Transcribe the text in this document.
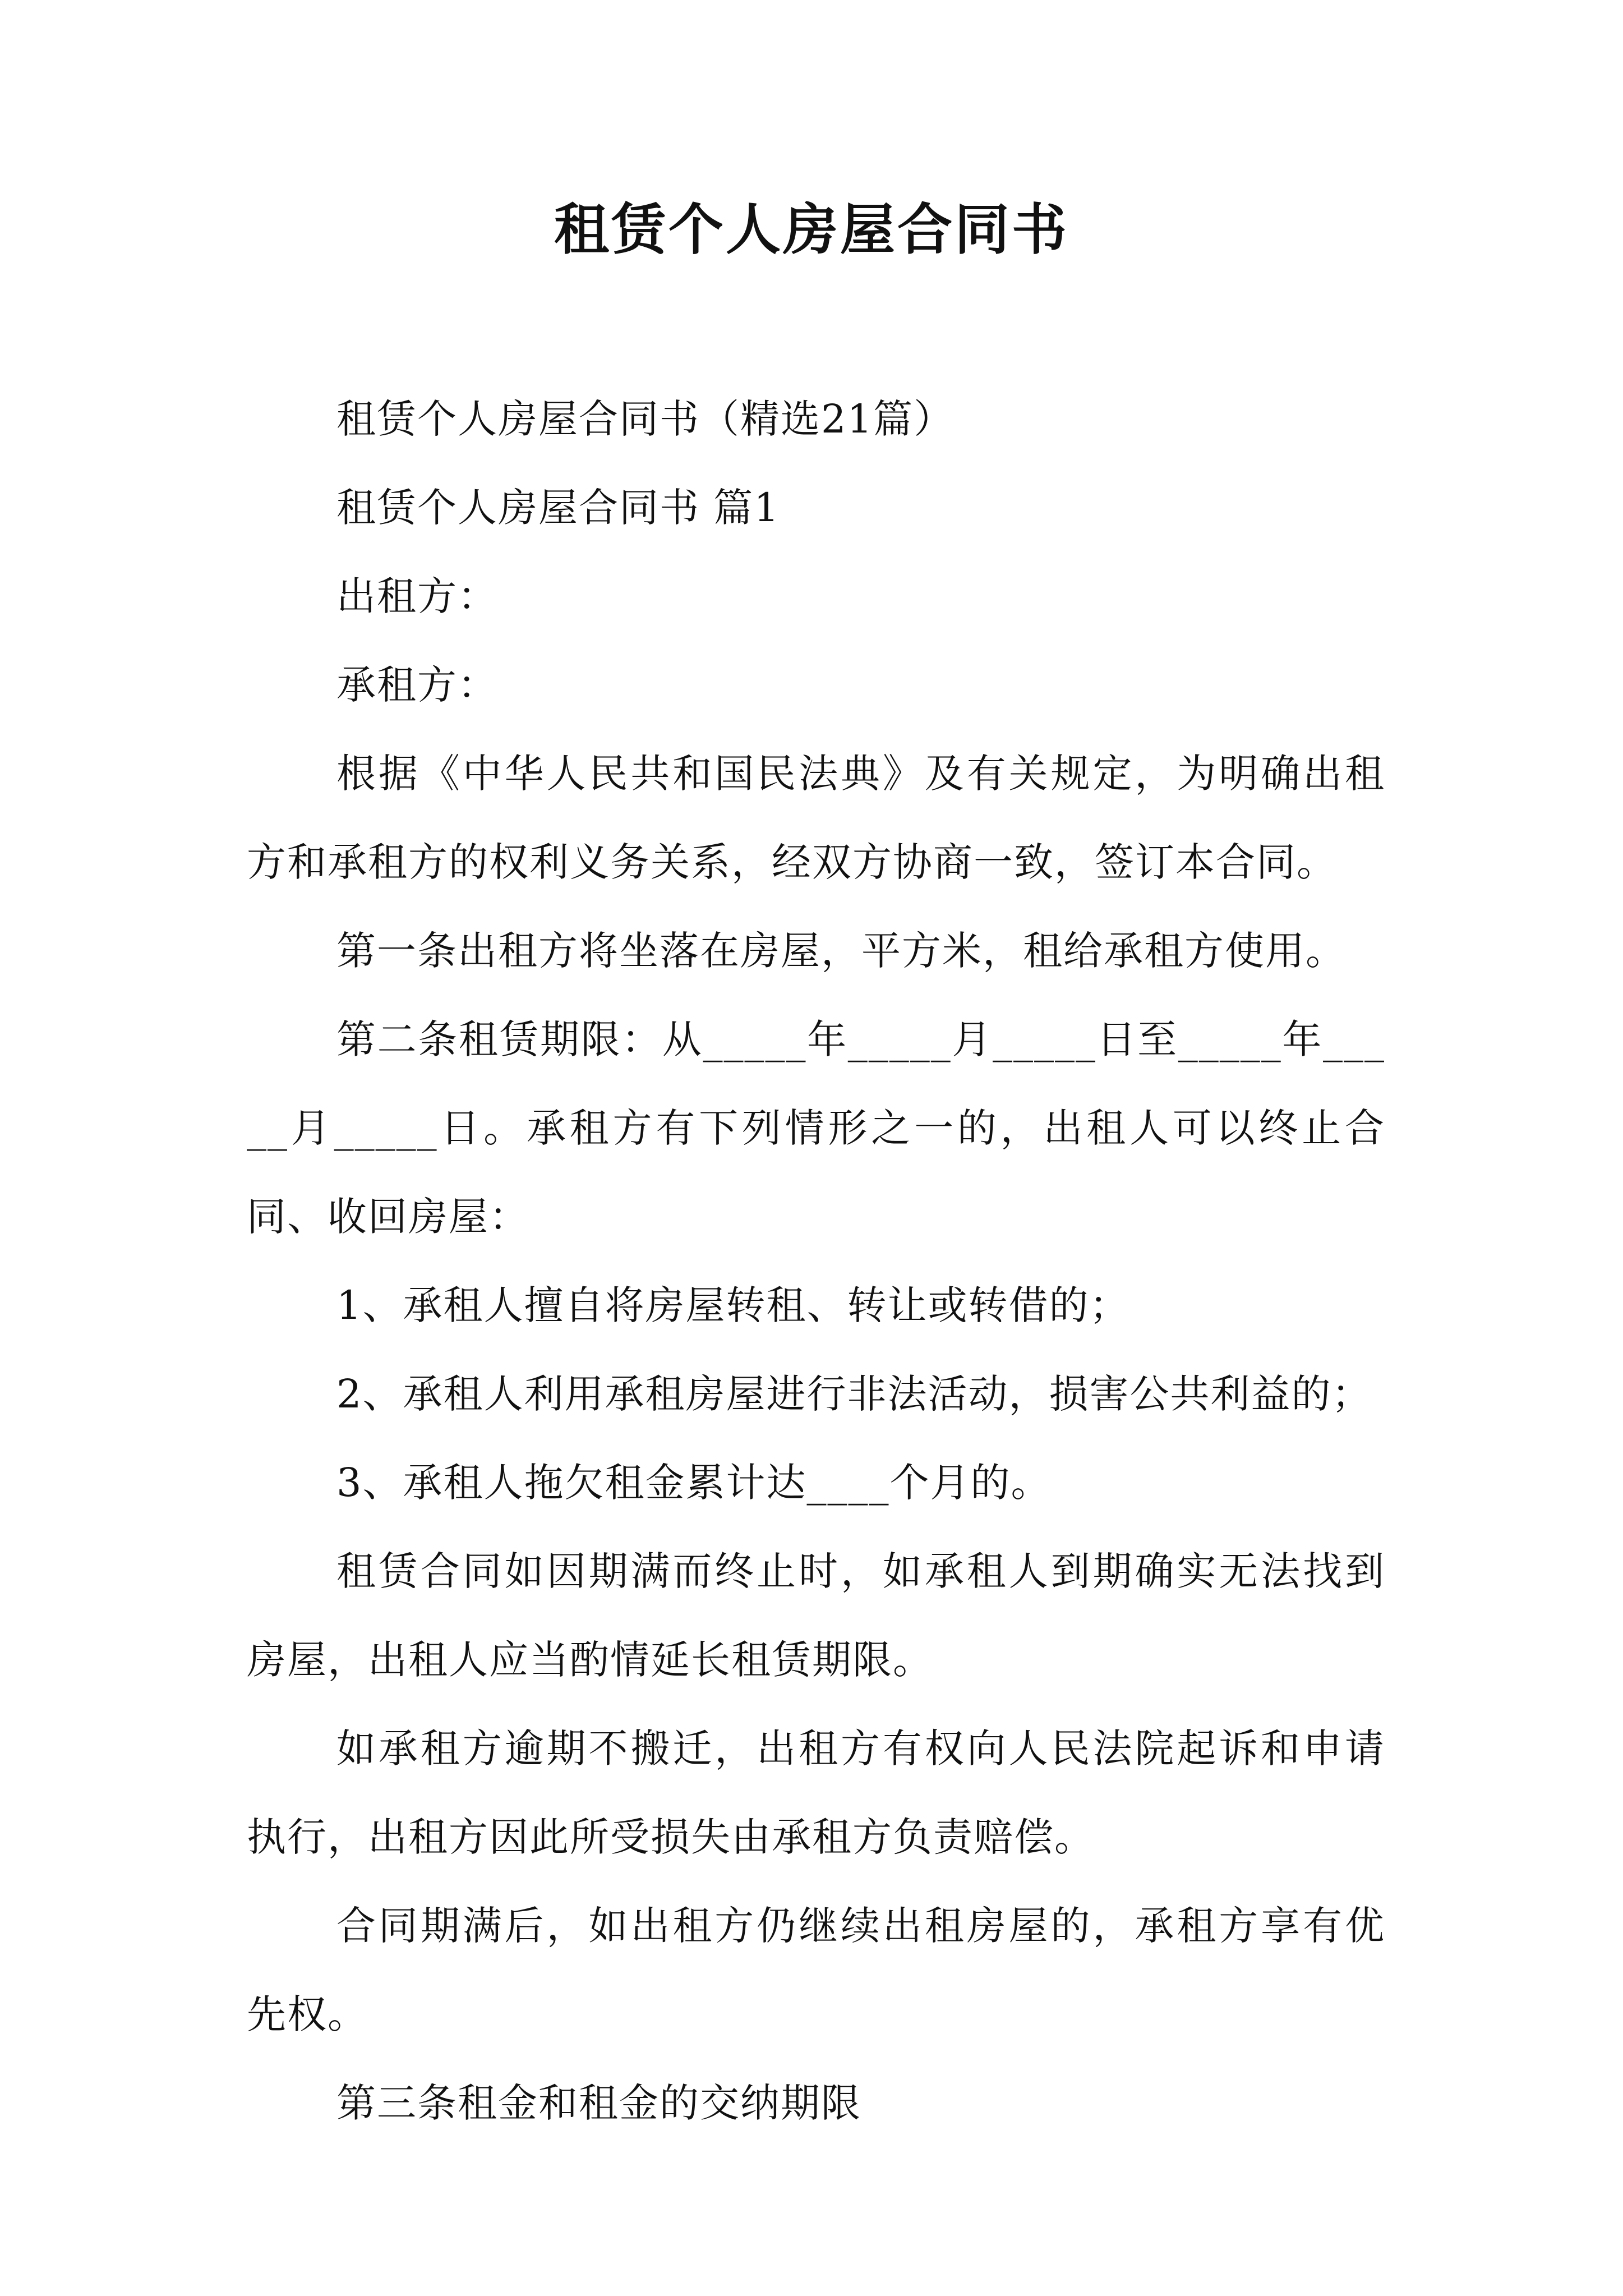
租赁个人房屋合同书

租赁个人房屋合同书（精选21篇）

租赁个人房屋合同书 篇1

出租方：

承租方：

根据《中华人民共和国民法典》及有关规定，为明确出租方和承租方的权利义务关系，经双方协商一致，签订本合同。

第一条出租方将坐落在房屋，平方米，租给承租方使用。

第二条租赁期限：从_____年_____月_____日至_____年_____月_____日。承租方有下列情形之一的，出租人可以终止合同、收回房屋：

1、承租人擅自将房屋转租、转让或转借的；

2、承租人利用承租房屋进行非法活动，损害公共利益的；

3、承租人拖欠租金累计达____个月的。

租赁合同如因期满而终止时，如承租人到期确实无法找到房屋，出租人应当酌情延长租赁期限。

如承租方逾期不搬迁，出租方有权向人民法院起诉和申请执行，出租方因此所受损失由承租方负责赔偿。

合同期满后，如出租方仍继续出租房屋的，承租方享有优先权。

第三条租金和租金的交纳期限
